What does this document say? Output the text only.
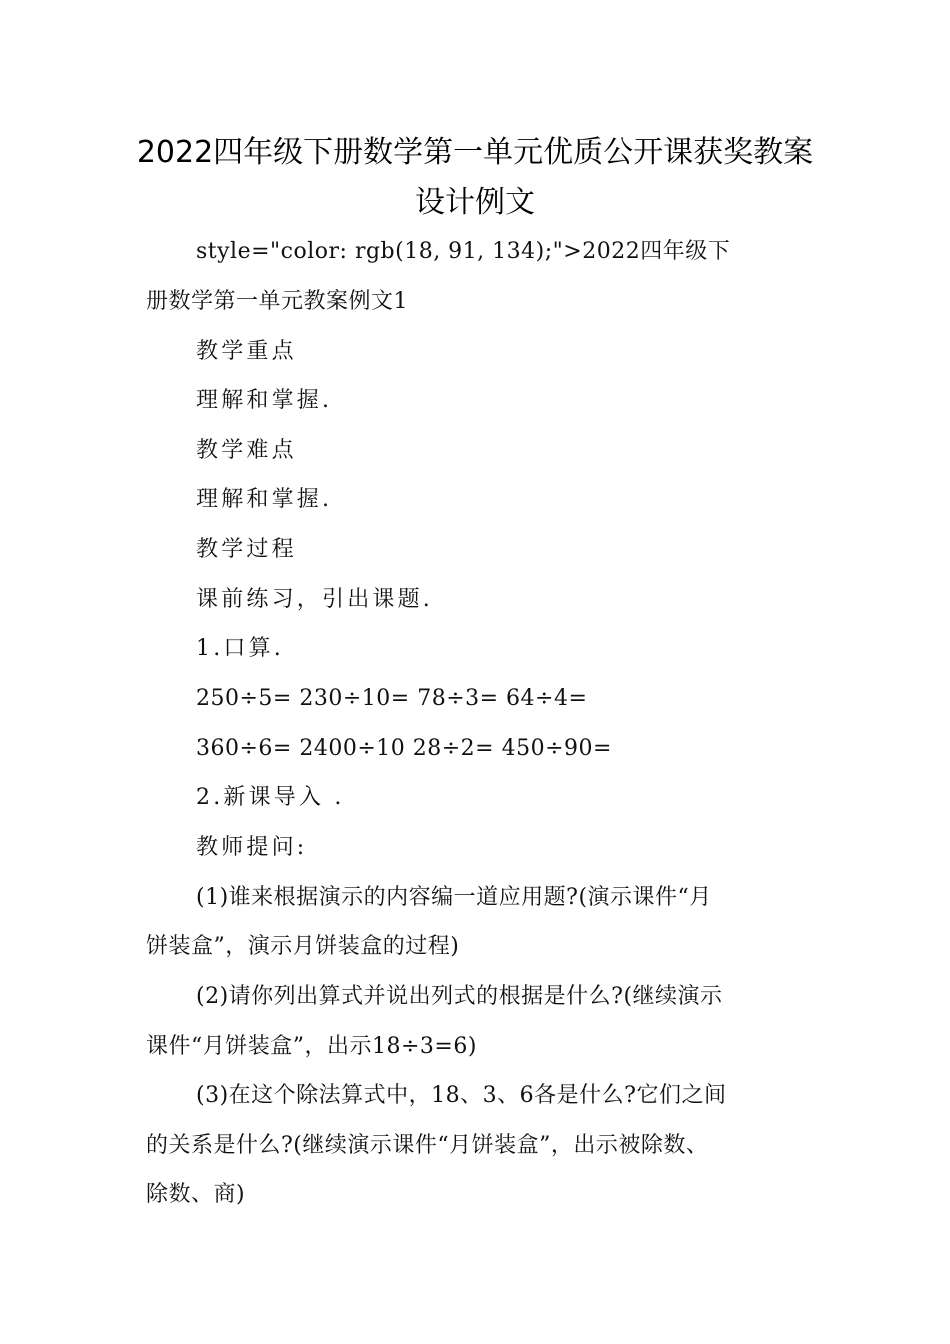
2022四年级下册数学第一单元优质公开课获奖教案
设计例文
style="color: rgb(18, 91, 134);">2022四年级下
册数学第一单元教案例文1
教学重点
理解和掌握.
教学难点
理解和掌握.
教学过程
课前练习，引出课题.
1.口算.
250÷5= 230÷10= 78÷3= 64÷4=
360÷6= 2400÷10 28÷2= 450÷90=
2.新课导入 .
教师提问:
(1)谁来根据演示的内容编一道应用题?(演示课件“月
饼装盒”，演示月饼装盒的过程)
(2)请你列出算式并说出列式的根据是什么?(继续演示
课件“月饼装盒”，出示18÷3=6)
(3)在这个除法算式中，18、3、6各是什么?它们之间
的关系是什么?(继续演示课件“月饼装盒”，出示被除数、
除数、商)
